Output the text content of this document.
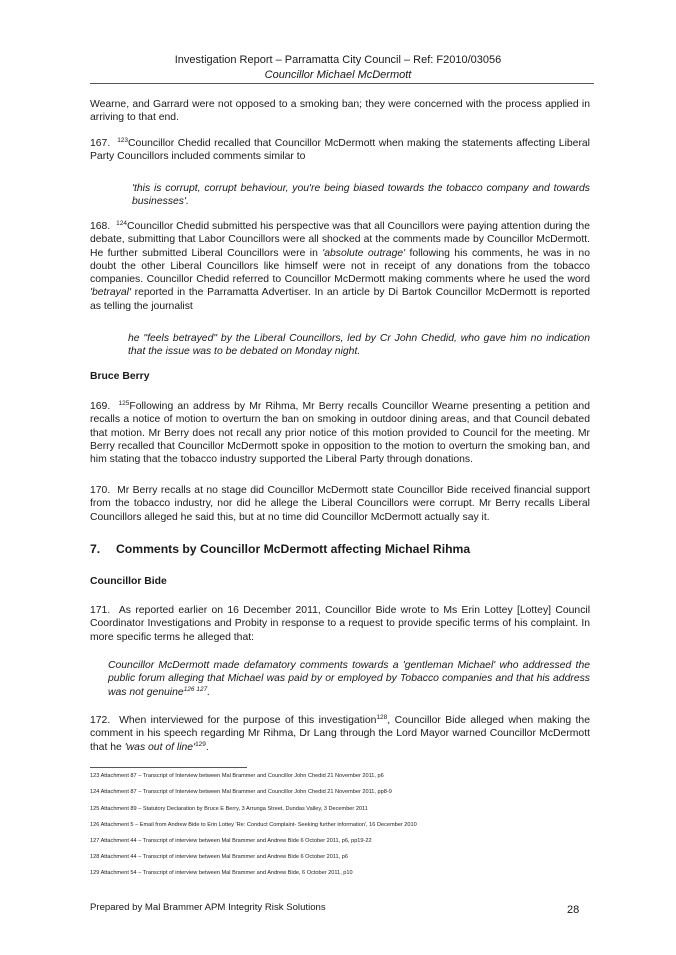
Investigation Report – Parramatta City Council – Ref: F2010/03056
Councillor Michael McDermott

Wearne, and Garrard were not opposed to a smoking ban; they were concerned with the process applied in arriving to that end.

167. $^{123}$Councillor Chedid recalled that Councillor McDermott when making the statements affecting Liberal Party Councillors included comments similar to

'this is corrupt, corrupt behaviour, you're being biased towards the tobacco company and towards businesses'.

168. $^{124}$Councillor Chedid submitted his perspective was that all Councillors were paying attention during the debate, submitting that Labor Councillors were all shocked at the comments made by Councillor McDermott. He further submitted Liberal Councillors were in 'absolute outrage' following his comments, he was in no doubt the other Liberal Councillors like himself were not in receipt of any donations from the tobacco companies. Councillor Chedid referred to Councillor McDermott making comments where he used the word 'betrayal' reported in the Parramatta Advertiser. In an article by Di Bartok Councillor McDermott is reported as telling the journalist

he "feels betrayed" by the Liberal Councillors, led by Cr John Chedid, who gave him no indication that the issue was to be debated on Monday night.

Bruce Berry

169. $^{125}$Following an address by Mr Rihma, Mr Berry recalls Councillor Wearne presenting a petition and recalls a notice of motion to overturn the ban on smoking in outdoor dining areas, and that Council debated that motion. Mr Berry does not recall any prior notice of this motion provided to Council for the meeting. Mr Berry recalled that Councillor McDermott spoke in opposition to the motion to overturn the smoking ban, and him stating that the tobacco industry supported the Liberal Party through donations.

170. Mr Berry recalls at no stage did Councillor McDermott state Councillor Bide received financial support from the tobacco industry, nor did he allege the Liberal Councillors were corrupt. Mr Berry recalls Liberal Councillors alleged he said this, but at no time did Councillor McDermott actually say it.

7. Comments by Councillor McDermott affecting Michael Rihma

Councillor Bide

171. As reported earlier on 16 December 2011, Councillor Bide wrote to Ms Erin Lottey [Lottey] Council Coordinator Investigations and Probity in response to a request to provide specific terms of his complaint. In more specific terms he alleged that:

Councillor McDermott made defamatory comments towards a 'gentleman Michael' who addressed the public forum alleging that Michael was paid by or employed by Tobacco companies and that his address was not genuine$^{126 127}$.

172. When interviewed for the purpose of this investigation$^{128}$, Councillor Bide alleged when making the comment in his speech regarding Mr Rihma, Dr Lang through the Lord Mayor warned Councillor McDermott that he 'was out of $line'^{129}$.

123 Attachment 87 – Transcript of Interview between Mal Brammer and Councillor John Chedid 21 November 2011, p6

124 Attachment 87 – Transcript of Interview between Mal Brammer and Councillor John Chedid 21 November 2011, pp8-9

125 Attachment 89 – Statutory Declaration by Bruce E Berry, 3 Arrunga Street, Dundas Valley, 3 December 2011

126 Attachment 5 – Email from Andrew Bide to Erin Lottey 'Re: Conduct Complaint- Seeking further information', 16 December 2010

127 Attachment 44 – Transcript of interview between Mal Brammer and Andrew Bide 6 October 2011, p6, pp19-22

128 Attachment 44 – Transcript of interview between Mal Brammer and Andrew Bide 6 October 2011, p6

129 Attachment 54 – Transcript of interview between Mal Brammer and Andrew Bide, 6 October 2011, p10

Prepared by Mal Brammer APM Integrity Risk Solutions	28
